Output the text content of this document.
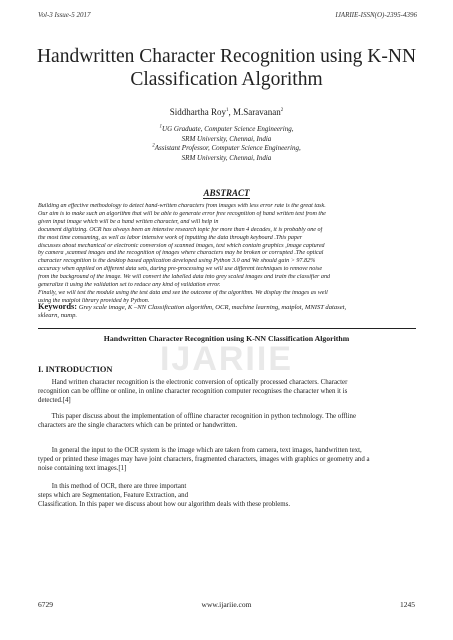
Vol-3 Issue-5 2017	IJARIIE-ISSN(O)-2395-4396
Handwritten Character Recognition using K-NN
Classification Algorithm
Siddhartha Roy$^1$, M.Saravanan$^2$
$^1$UG Graduate, Computer Science Engineering,
SRM University, Chennai, India
$^2$Assistant Professor, Computer Science Engineering,
SRM University, Chennai, India
ABSTRACT
Building an effective methodology to detect hand-written characters from images with less error rate is the great task.
Our aim is to make such an algorithm that will be able to generate error free recognition of hand written text from the
given input image which will be a hand written character, and will help in
document digitizing. OCR has always been an intensive research topic for more than 4 decades, it is probably one of
the most time consuming, as well as labor intensive work of inputting the data through keyboard .This paper
discusses about mechanical or electronic conversion of scanned images, text which contain graphics ,image captured
by camera ,scanned images and the recognition of images where characters may be broken or corrupted .The optical
character recognition is the desktop based application developed using Python 3.0 and We should gain > 97.82%
accuracy when applied on different data sets, during pre-processing we will use different techniques to remove noise
from the background of the image. We will convert the labelled data into grey scaled images and train the classifier and
generalize it using the validation set to reduce any kind of validation error.
Finally, we will test the module using the test data and see the outcome of the algorithm. We display the images as well
using the matplot library provided by Python.
Keywords: Grey scale image, K –NN Classification algorithm, OCR, machine learning, matplot, MNIST dataset,
sklearn, nump.
IJARIIE
Handwritten Character Recognition using K-NN Classification Algorithm
I. INTRODUCTION
Hand written character recognition is the electronic conversion of optically processed characters. Character
recognition can be offline or online, in online character recognition computer recognises the character when it is
detected.[4]
This paper discuss about the implementation of offline character recognition in python technology. The offline
characters are the single characters which can be printed or handwritten.
In general the input to the OCR system is the image which are taken from camera, text images, handwritten text,
typed or printed these images may have joint characters, fragmented characters, images with graphics or geometry and a
noise containing text images.[1]
In this method of OCR, there are three important
steps which are Segmentation, Feature Extraction, and
Classification. In this paper we discuss about how our algorithm deals with these problems.
6729	www.ijariie.com	1245
